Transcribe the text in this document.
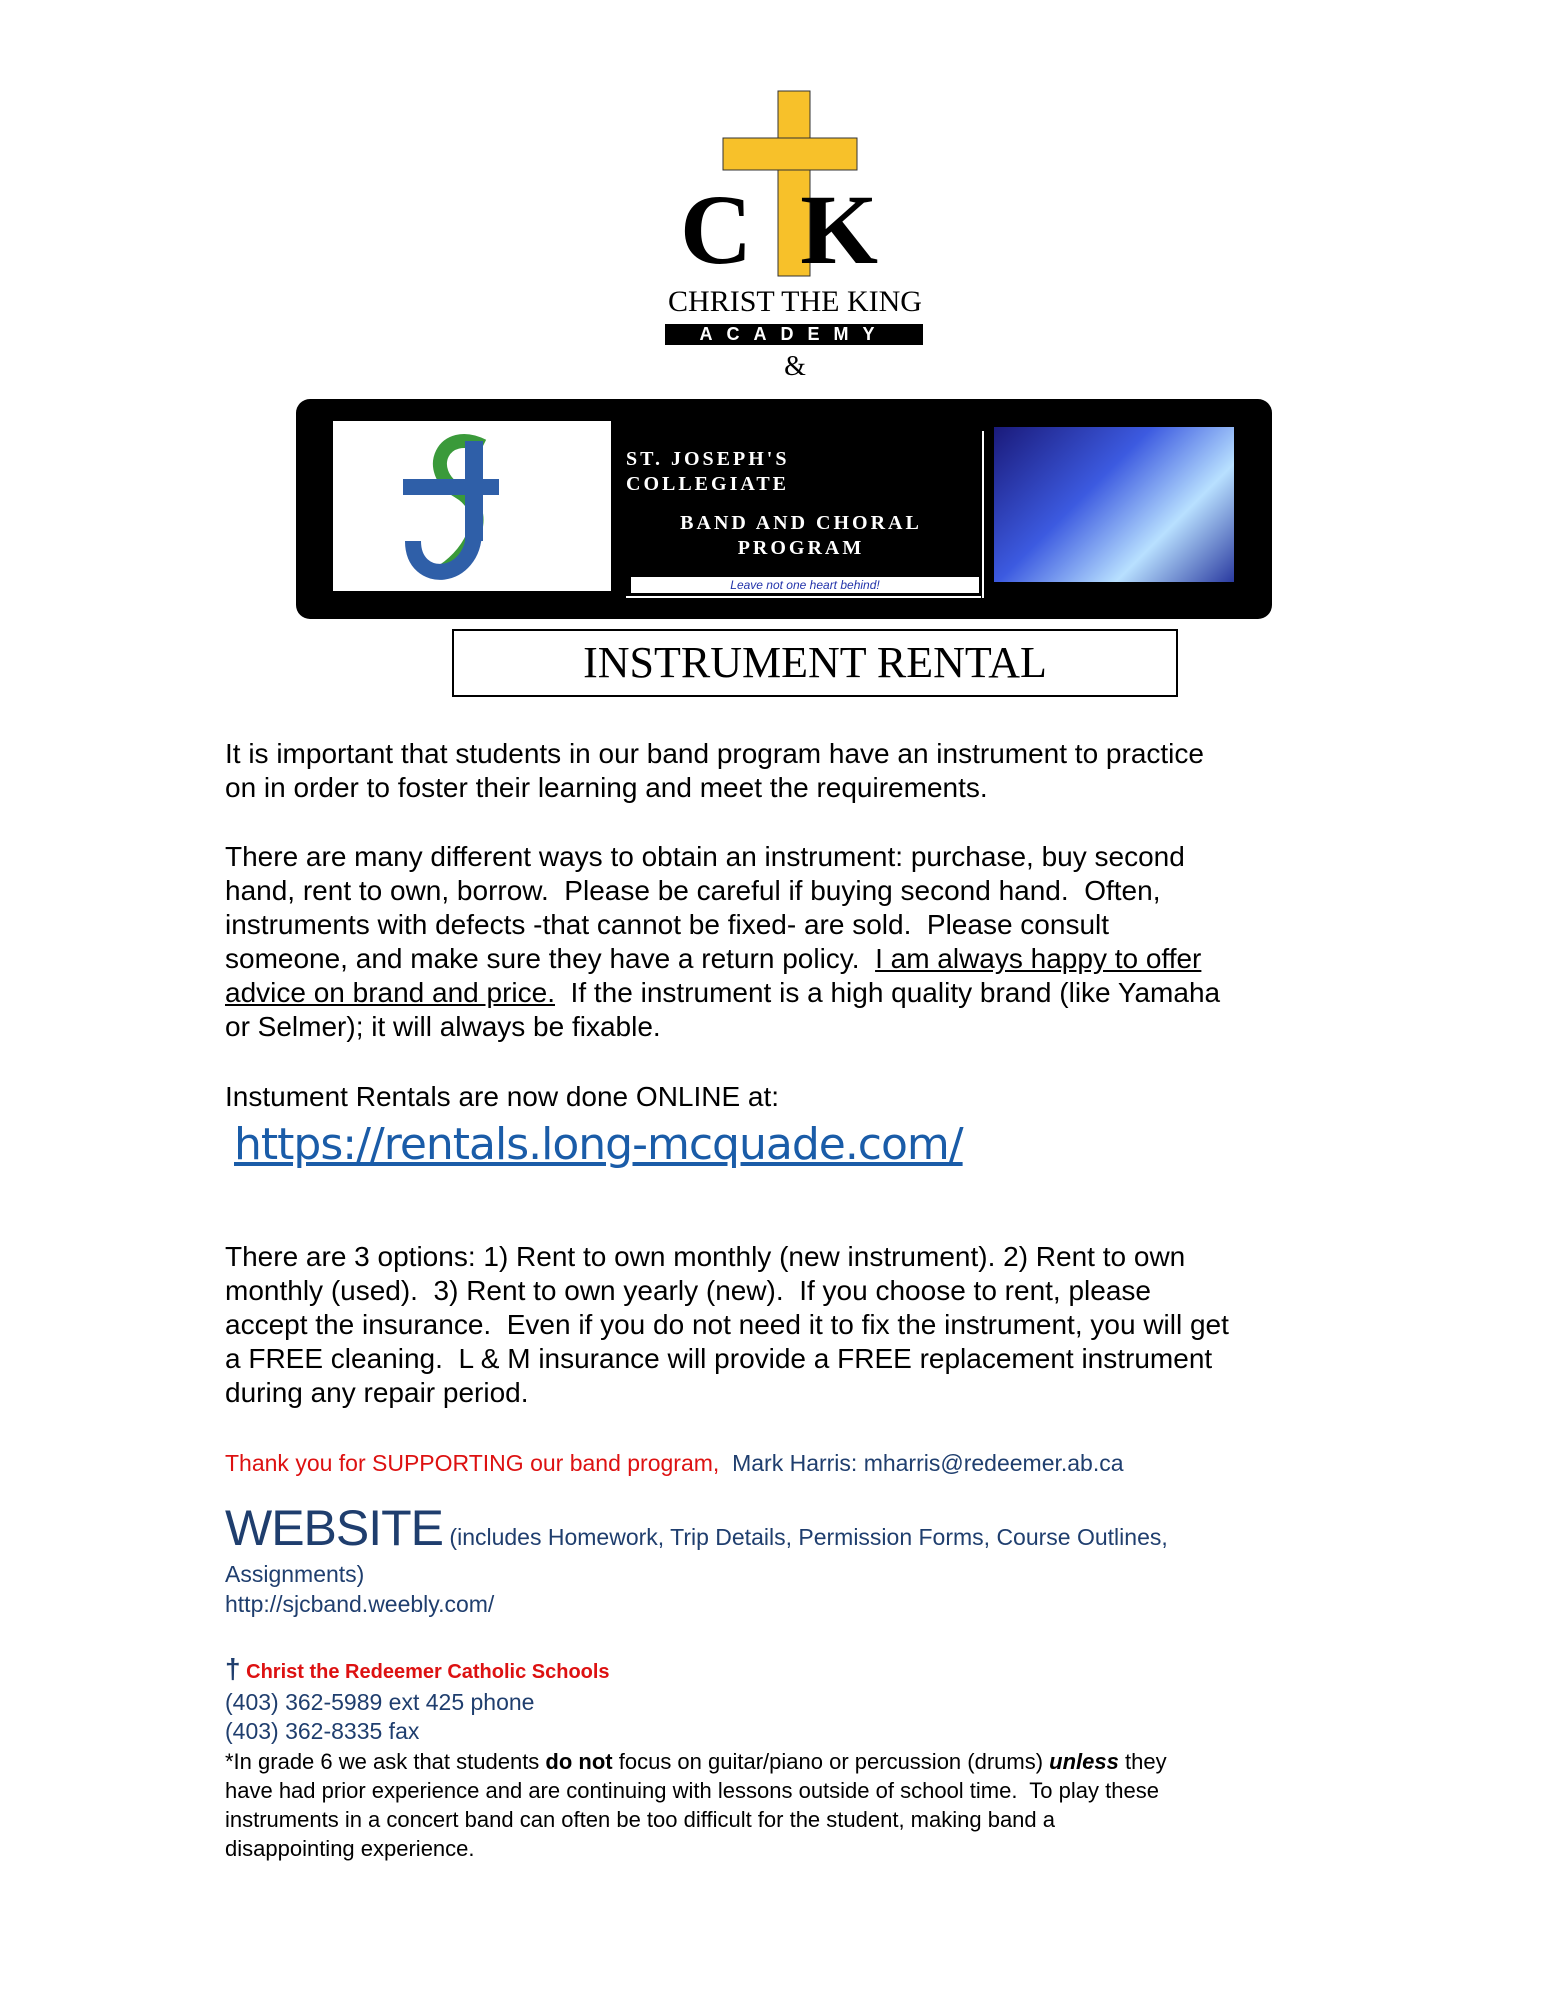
CK
CHRIST THE KING
ACADEMY
&
ST. JOSEPH'S
COLLEGIATE
BAND AND CHORAL
PROGRAM
Leave not one heart behind!
INSTRUMENT RENTAL
It is important that students in our band program have an instrument to practice
on in order to foster their learning and meet the requirements.
There are many different ways to obtain an instrument: purchase, buy second
hand, rent to own, borrow.  Please be careful if buying second hand.  Often,
instruments with defects -that cannot be fixed- are sold.  Please consult
someone, and make sure they have a return policy.  I am always happy to offer
advice on brand and price.  If the instrument is a high quality brand (like Yamaha
or Selmer); it will always be fixable.
Instument Rentals are now done ONLINE at:
https://rentals.long-mcquade.com/
There are 3 options: 1) Rent to own monthly (new instrument). 2) Rent to own
monthly (used).  3) Rent to own yearly (new).  If you choose to rent, please
accept the insurance.  Even if you do not need it to fix the instrument, you will get
a FREE cleaning.  L & M insurance will provide a FREE replacement instrument
during any repair period.
Thank you for SUPPORTING our band program, Mark Harris: mharris@redeemer.ab.ca
WEBSITE (includes Homework, Trip Details, Permission Forms, Course Outlines,
Assignments)
http://sjcband.weebly.com/
† Christ the Redeemer Catholic Schools
(403) 362-5989 ext 425 phone
(403) 362-8335 fax
*In grade 6 we ask that students do not focus on guitar/piano or percussion (drums) unless they
have had prior experience and are continuing with lessons outside of school time.  To play these
instruments in a concert band can often be too difficult for the student, making band a
disappointing experience.
